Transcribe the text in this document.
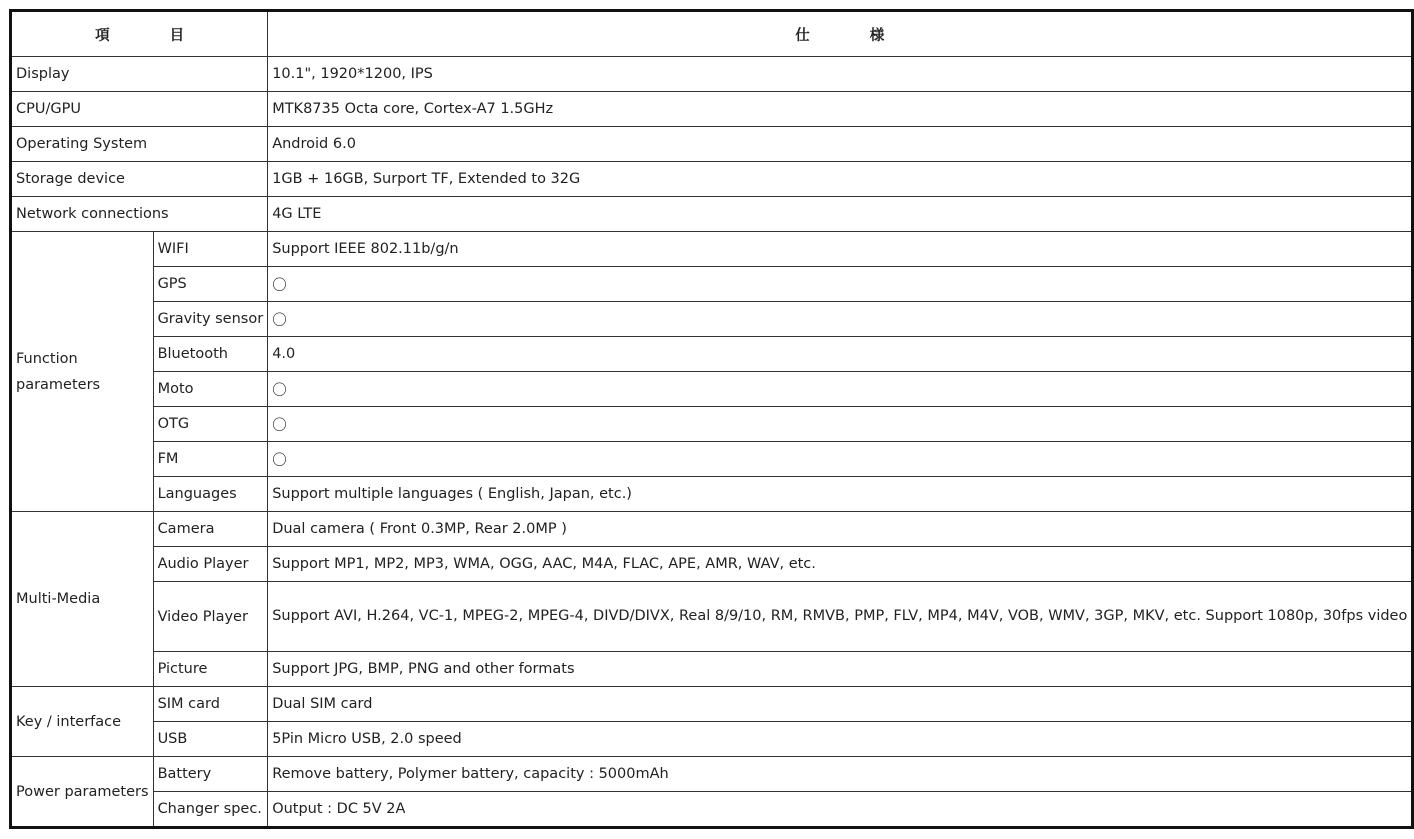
項目		仕様
Display		10.1", 1920*1200, IPS
CPU/GPU		MTK8735 Octa core, Cortex-A7 1.5GHz
Operating System		Android 6.0
Storage device		1GB + 16GB, Surport TF, Extended to 32G
Network connections		4G LTE
Function parameters	WIFI	Support IEEE 802.11b/g/n
	GPS	〇
	Gravity sensor	〇
	Bluetooth	4.0
	Moto	〇
	OTG	〇
	FM	〇
	Languages	Support multiple languages ( English, Japan, etc.)
Multi-Media	Camera	Dual camera ( Front 0.3MP, Rear 2.0MP )
	Audio Player	Support MP1, MP2, MP3, WMA, OGG, AAC, M4A, FLAC, APE, AMR, WAV, etc.
	Video Player	Support AVI, H.264, VC-1, MPEG-2, MPEG-4, DIVD/DIVX, Real 8/9/10, RM, RMVB, PMP, FLV, MP4, M4V, VOB, WMV, 3GP, MKV, etc. Support 1080p, 30fps video
	Picture	Support JPG, BMP, PNG and other formats
Key / interface	SIM card	Dual SIM card
	USB	5Pin Micro USB, 2.0 speed
Power parameters	Battery	Remove battery, Polymer battery, capacity : 5000mAh
	Changer spec.	Output : DC 5V 2A
